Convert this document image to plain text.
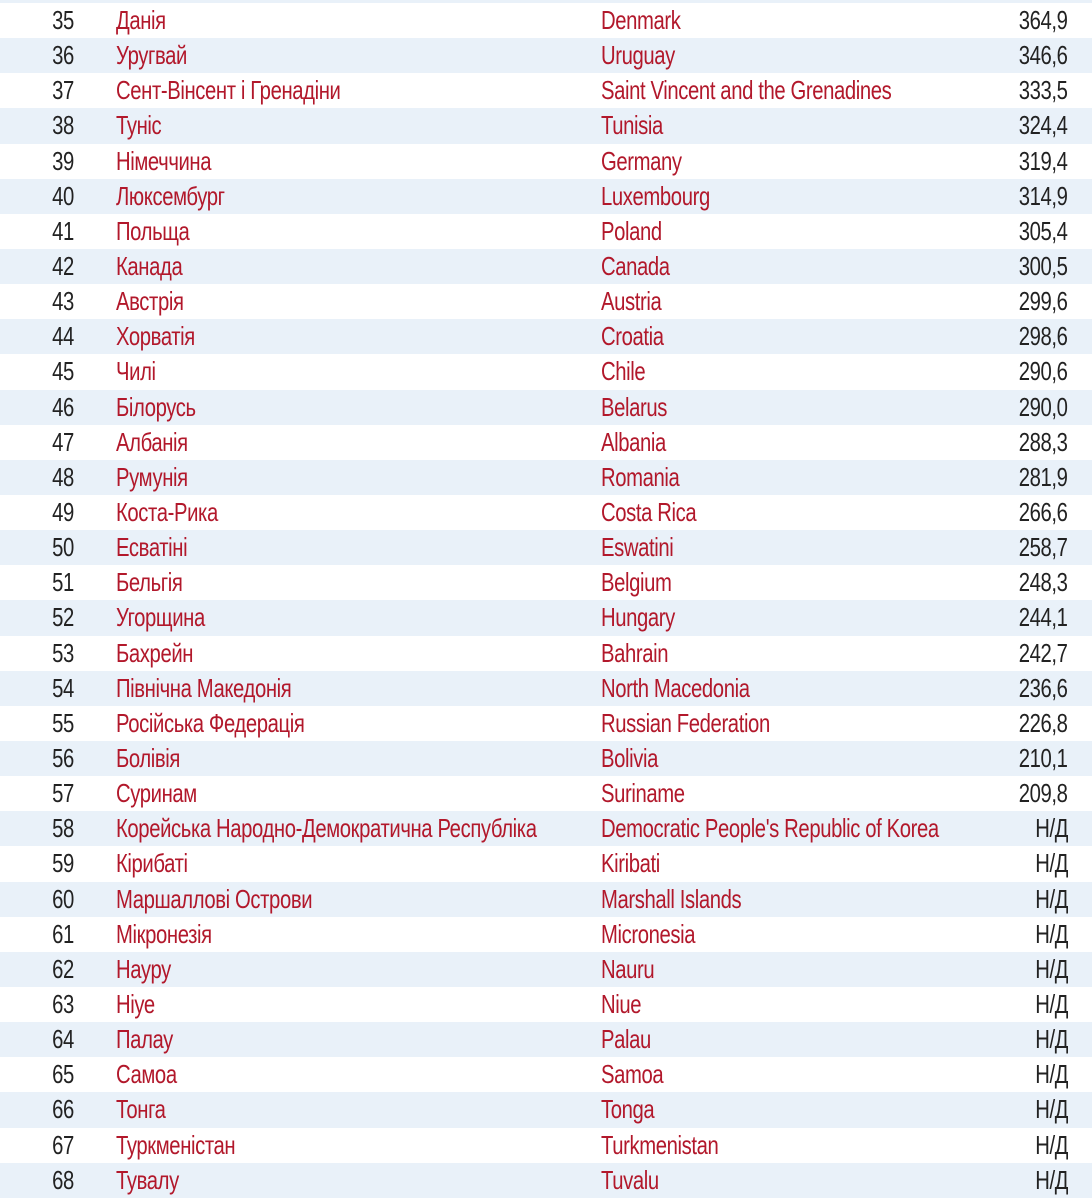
35	Данія	Denmark	364,9
36	Уругвай	Uruguay	346,6
37	Сент-Вінсент і Гренадіни	Saint Vincent and the Grenadines	333,5
38	Туніс	Tunisia	324,4
39	Німеччина	Germany	319,4
40	Люксембург	Luxembourg	314,9
41	Польща	Poland	305,4
42	Канада	Canada	300,5
43	Австрія	Austria	299,6
44	Хорватія	Croatia	298,6
45	Чилі	Chile	290,6
46	Білорусь	Belarus	290,0
47	Албанія	Albania	288,3
48	Румунія	Romania	281,9
49	Коста-Рика	Costa Rica	266,6
50	Есватіні	Eswatini	258,7
51	Бельгія	Belgium	248,3
52	Угорщина	Hungary	244,1
53	Бахрейн	Bahrain	242,7
54	Північна Македонія	North Macedonia	236,6
55	Російська Федерація	Russian Federation	226,8
56	Болівія	Bolivia	210,1
57	Суринам	Suriname	209,8
58	Корейська Народно-Демократична Республіка	Democratic People's Republic of Korea	Н/Д
59	Кірибаті	Kiribati	Н/Д
60	Маршаллові Острови	Marshall Islands	Н/Д
61	Мікронезія	Micronesia	Н/Д
62	Науру	Nauru	Н/Д
63	Ніуе	Niue	Н/Д
64	Палау	Palau	Н/Д
65	Самоа	Samoa	Н/Д
66	Тонга	Tonga	Н/Д
67	Туркменістан	Turkmenistan	Н/Д
68	Тувалу	Tuvalu	Н/Д
